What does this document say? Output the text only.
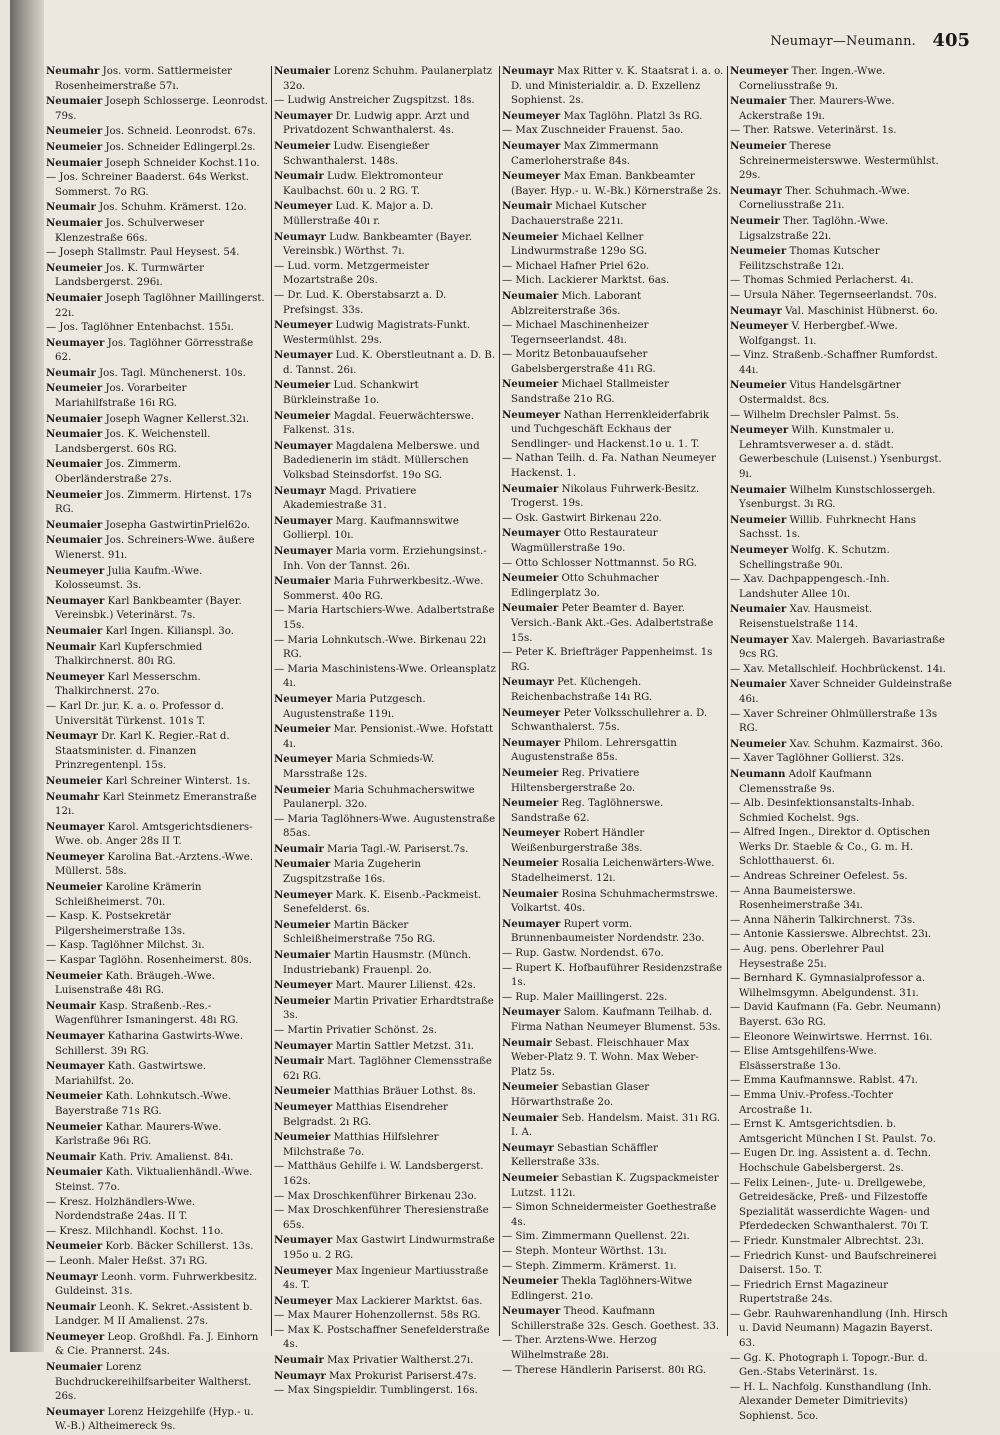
Neumayr—Neumann. 405

Neumahr Jos. vorm. Sattlermeister Rosenheimerstraße 57ı.

Neumaier Joseph Schlosserge. Leonrodst. 79s.

Neumeier Jos. Schneid. Leonrodst. 67s.

Neumeier Jos. Schneider Edlingerpl.2s.

Neumaier Joseph Schneider Kochst.11o.

— Jos. Schreiner Baaderst. 64s Werkst. Sommerst. 7o RG.

Neumair Jos. Schuhm. Krämerst. 12o.

Neumaier Jos. Schulverweser Klenzestraße 66s.

— Joseph Stallmstr. Paul Heysest. 54.

Neumeier Jos. K. Turmwärter Landsbergerst. 296ı.

Neumaier Joseph Taglöhner Maillingerst. 22ı.

— Jos. Taglöhner Entenbachst. 155ı.

Neumayer Jos. Taglöhner Görresstraße 62.

Neumair Jos. Tagl. Münchenerst. 10s.

Neumeier Jos. Vorarbeiter Mariahilfstraße 16ı RG.

Neumaier Joseph Wagner Kellerst.32ı.

Neumaier Jos. K. Weichenstell. Landsbergerst. 60s RG.

Neumaier Jos. Zimmerm. Oberländerstraße 27s.

Neumeier Jos. Zimmerm. Hirtenst. 17s RG.

Neumaier Josepha GastwirtinPriel62o.

Neumaier Jos. Schreiners-Wwe. äußere Wienerst. 91ı.

Neumeyer Julia Kaufm.-Wwe. Kolosseumst. 3s.

Neumayer Karl Bankbeamter (Bayer. Vereinsbk.) Veterinärst. 7s.

Neumaier Karl Ingen. Kilianspl. 3o.

Neumair Karl Kupferschmied Thalkirchnerst. 80ı RG.

Neumeyer Karl Messerschm. Thalkirchnerst. 27o.

— Karl Dr. jur. K. a. o. Professor d. Universität Türkenst. 101s T.

Neumayr Dr. Karl K. Regier.-Rat d. Staatsminister. d. Finanzen Prinzregentenpl. 15s.

Neumeier Karl Schreiner Winterst. 1s.

Neumahr Karl Steinmetz Emeranstraße 12ı.

Neumayer Karol. Amtsgerichtsdieners-Wwe. ob. Anger 28s II T.

Neumeyer Karolina Bat.-Arztens.-Wwe. Müllerst. 58s.

Neumeier Karoline Krämerin Schleißheimerst. 70ı.

— Kasp. K. Postsekretär Pilgersheimerstraße 13s.

— Kasp. Taglöhner Milchst. 3ı.

— Kaspar Taglöhn. Rosenheimerst. 80s.

Neumeier Kath. Bräugeh.-Wwe. Luisenstraße 48ı RG.

Neumair Kasp. Straßenb.-Res.-Wagenführer Ismaningerst. 48ı RG.

Neumayer Katharina Gastwirts-Wwe. Schillerst. 39ı RG.

Neumayer Kath. Gastwirtswe. Mariahilfst. 2o.

Neumeier Kath. Lohnkutsch.-Wwe. Bayerstraße 71s RG.

Neumeier Kathar. Maurers-Wwe. Karlstraße 96ı RG.

Neumair Kath. Priv. Amalienst. 84ı.

Neumaier Kath. Viktualienhändl.-Wwe. Steinst. 77o.

— Kresz. Holzhändlers-Wwe. Nordendstraße 24as. II T.

— Kresz. Milchhandl. Kochst. 11o.

Neumeier Korb. Bäcker Schillerst. 13s.

— Leonh. Maler Heßst. 37ı RG.

Neumayr Leonh. vorm. Fuhrwerkbesitz. Guldeinst. 31s.

Neumair Leonh. K. Sekret.-Assistent b. Landger. M II Amalienst. 27s.

Neumeyer Leop. Großhdl. Fa. J. Einhorn & Cie. Prannerst. 24s.

Neumaier Lorenz Buchdruckereihilfsarbeiter Waltherst. 26s.

Neumayer Lorenz Heizgehilfe (Hyp.- u. W.-B.) Altheimereck 9s.

Neumaier Lorenz Schuhm. Paulanerplatz 32o.

— Ludwig Anstreicher Zugspitzst. 18s.

Neumayer Dr. Ludwig appr. Arzt und Privatdozent Schwanthalerst. 4s.

Neumeier Ludw. Eisengießer Schwanthalerst. 148s.

Neumair Ludw. Elektromonteur Kaulbachst. 60ı u. 2 RG. T.

Neumeyer Lud. K. Major a. D. Müllerstraße 40ı r.

Neumayr Ludw. Bankbeamter (Bayer. Vereinsbk.) Wörthst. 7ı.

— Lud. vorm. Metzgermeister Mozartstraße 20s.

— Dr. Lud. K. Oberstabsarzt a. D. Prefsingst. 33s.

Neumeyer Ludwig Magistrats-Funkt. Westermühlst. 29s.

Neumayer Lud. K. Oberstleutnant a. D. B. d. Tannst. 26ı.

Neumeier Lud. Schankwirt Bürkleinstraße 1o.

Neumeier Magdal. Feuerwächterswe. Falkenst. 31s.

Neumayer Magdalena Melberswe. und Badedienerin im städt. Müllerschen Volksbad Steinsdorfst. 19o SG.

Neumayr Magd. Privatiere Akademiestraße 31.

Neumayer Marg. Kaufmannswitwe Gollierpl. 10ı.

Neumayer Maria vorm. Erziehungsinst.-Inh. Von der Tannst. 26ı.

Neumaier Maria Fuhrwerkbesitz.-Wwe. Sommerst. 40o RG.

— Maria Hartschiers-Wwe. Adalbertstraße 15s.

— Maria Lohnkutsch.-Wwe. Birkenau 22ı RG.

— Maria Maschinistens-Wwe. Orleansplatz 4ı.

Neumeyer Maria Putzgesch. Augustenstraße 119ı.

Neumeier Mar. Pensionist.-Wwe. Hofstatt 4ı.

Neumeyer Maria Schmieds-W. Marsstraße 12s.

Neumeier Maria Schuhmacherswitwe Paulanerpl. 32o.

— Maria Taglöhners-Wwe. Augustenstraße 85as.

Neumair Maria Tagl.-W. Pariserst.7s.

Neumaier Maria Zugeherin Zugspitzstraße 16s.

Neumeyer Mark. K. Eisenb.-Packmeist. Senefelderst. 6s.

Neumeier Martin Bäcker Schleißheimerstraße 75o RG.

Neumaier Martin Hausmstr. (Münch. Industriebank) Frauenpl. 2o.

Neumeyer Mart. Maurer Lilienst. 42s.

Neumeier Martin Privatier Erhardtstraße 3s.

— Martin Privatier Schönst. 2s.

Neumayer Martin Sattler Metzst. 31ı.

Neumair Mart. Taglöhner Clemensstraße 62ı RG.

Neumeier Matthias Bräuer Lothst. 8s.

Neumeyer Matthias Eisendreher Belgradst. 2ı RG.

Neumeier Matthias Hilfslehrer Milchstraße 7o.

— Matthäus Gehilfe i. W. Landsbergerst. 162s.

— Max Droschkenführer Birkenau 23o.

— Max Droschkenführer Theresienstraße 65s.

Neumayer Max Gastwirt Lindwurmstraße 195o u. 2 RG.

Neumeyer Max Ingenieur Martiusstraße 4s. T.

Neumeyer Max Lackierer Marktst. 6as.

— Max Maurer Hohenzollernst. 58s RG.

— Max K. Postschaffner Senefelderstraße 4s.

Neumair Max Privatier Waltherst.27ı.

Neumayr Max Prokurist Pariserst.47s.

— Max Singspieldir. Tumblingerst. 16s.

Neumayr Max Ritter v. K. Staatsrat i. a. o. D. und Ministerialdir. a. D. Exzellenz Sophienst. 2s.

Neumeyer Max Taglöhn. Platzl 3s RG.

— Max Zuschneider Frauenst. 5ao.

Neumayer Max Zimmermann Camerloherstraße 84s.

Neumeyer Max Eman. Bankbeamter (Bayer. Hyp.- u. W.-Bk.) Körnerstraße 2s.

Neumair Michael Kutscher Dachauerstraße 221ı.

Neumeier Michael Kellner Lindwurmstraße 129o SG.

— Michael Hafner Priel 62o.

— Mich. Lackierer Marktst. 6as.

Neumaier Mich. Laborant Ablzreiterstraße 36s.

— Michael Maschinenheizer Tegernseerlandst. 48ı.

— Moritz Betonbauaufseher Gabelsbergerstraße 41ı RG.

Neumeier Michael Stallmeister Sandstraße 21o RG.

Neumeyer Nathan Herrenkleiderfabrik und Tuchgeschäft Eckhaus der Sendlinger- und Hackenst.1o u. 1. T.

— Nathan Teilh. d. Fa. Nathan Neumeyer Hackenst. 1.

Neumaier Nikolaus Fuhrwerk-Besitz. Trogerst. 19s.

— Osk. Gastwirt Birkenau 22o.

Neumayer Otto Restaurateur Wagmüllerstraße 19o.

— Otto Schlosser Nottmannst. 5o RG.

Neumeier Otto Schuhmacher Edlingerplatz 3o.

Neumaier Peter Beamter d. Bayer. Versich.-Bank Akt.-Ges. Adalbertstraße 15s.

— Peter K. Briefträger Pappenheimst. 1s RG.

Neumayr Pet. Küchengeh. Reichenbachstraße 14ı RG.

Neumeyer Peter Volksschullehrer a. D. Schwanthalerst. 75s.

Neumayer Philom. Lehrersgattin Augustenstraße 85s.

Neumeier Reg. Privatiere Hiltensbergerstraße 2o.

Neumeier Reg. Taglöhnerswe. Sandstraße 62.

Neumeyer Robert Händler Weißenburgerstraße 38s.

Neumeier Rosalia Leichenwärters-Wwe. Stadelheimerst. 12ı.

Neumaier Rosina Schuhmachermstrswe. Volkartst. 40s.

Neumayer Rupert vorm. Brunnenbaumeister Nordendstr. 23o.

— Rup. Gastw. Nordendst. 67o.

— Rupert K. Hofbauführer Residenzstraße 1s.

— Rup. Maler Maillingerst. 22s.

Neumayer Salom. Kaufmann Teilhab. d. Firma Nathan Neumeyer Blumenst. 53s.

Neumair Sebast. Fleischhauer Max Weber-Platz 9. T. Wohn. Max Weber-Platz 5s.

Neumeier Sebastian Glaser Hörwarthstraße 2o.

Neumaier Seb. Handelsm. Maist. 31ı RG. I. A.

Neumayr Sebastian Schäffler Kellerstraße 33s.

Neumeier Sebastian K. Zugspackmeister Lutzst. 112ı.

— Simon Schneidermeister Goethestraße 4s.

— Sim. Zimmermann Quellenst. 22ı.

— Steph. Monteur Wörthst. 13ı.

— Steph. Zimmerm. Krämerst. 1ı.

Neumeier Thekla Taglöhners-Witwe Edlingerst. 21o.

Neumayer Theod. Kaufmann Schillerstraße 32s. Gesch. Goethest. 33.

— Ther. Arztens-Wwe. Herzog Wilhelmstraße 28ı.

— Therese Händlerin Pariserst. 80ı RG.

Neumeyer Ther. Ingen.-Wwe. Corneliusstraße 9ı.

Neumaier Ther. Maurers-Wwe. Ackerstraße 19ı.

— Ther. Ratswe. Veterinärst. 1s.

Neumeier Therese Schreinermeisterswwe. Westermühlst. 29s.

Neumayr Ther. Schuhmach.-Wwe. Corneliusstraße 21ı.

Neumeir Ther. Taglöhn.-Wwe. Ligsalzstraße 22ı.

Neumeier Thomas Kutscher Feilitzschstraße 12ı.

— Thomas Schmied Perlacherst. 4ı.

— Ursula Näher. Tegernseerlandst. 70s.

Neumayr Val. Maschinist Hübnerst. 6o.

Neumeyer V. Herbergbef.-Wwe. Wolfgangst. 1ı.

— Vinz. Straßenb.-Schaffner Rumfordst. 44ı.

Neumeier Vitus Handelsgärtner Ostermaldst. 8cs.

— Wilhelm Drechsler Palmst. 5s.

Neumeyer Wilh. Kunstmaler u. Lehramtsverweser a. d. städt. Gewerbeschule (Luisenst.) Ysenburgst. 9ı.

Neumaier Wilhelm Kunstschlossergeh. Ysenburgst. 3ı RG.

Neumeier Willib. Fuhrknecht Hans Sachsst. 1s.

Neumeyer Wolfg. K. Schutzm. Schellingstraße 90ı.

— Xav. Dachpappengesch.-Inh. Landshuter Allee 10ı.

Neumaier Xav. Hausmeist. Reisenstuelstraße 114.

Neumayer Xav. Malergeh. Bavariastraße 9cs RG.

— Xav. Metallschleif. Hochbrückenst. 14ı.

Neumaier Xaver Schneider Guldeinstraße 46ı.

— Xaver Schreiner Ohlmüllerstraße 13s RG.

Neumeier Xav. Schuhm. Kazmairst. 36o.

— Xaver Taglöhner Gollierst. 32s.

Neumann Adolf Kaufmann Clemensstraße 9s.

— Alb. Desinfektionsanstalts-Inhab. Schmied Kochelst. 9gs.

— Alfred Ingen., Direktor d. Optischen Werks Dr. Staeble & Co., G. m. H. Schlotthauerst. 6ı.

— Andreas Schreiner Oefelest. 5s.

— Anna Baumeisterswe. Rosenheimerstraße 34ı.

— Anna Näherin Talkirchnerst. 73s.

— Antonie Kassierswe. Albrechtst. 23ı.

— Aug. pens. Oberlehrer Paul Heysestraße 25ı.

— Bernhard K. Gymnasialprofessor a. Wilhelmsgymn. Abelgundenst. 31ı.

— David Kaufmann (Fa. Gebr. Neumann) Bayerst. 63o RG.

— Eleonore Weinwirtswe. Herrnst. 16ı.

— Elise Amtsgehilfens-Wwe. Elsässerstraße 13o.

— Emma Kaufmannswe. Rablst. 47ı.

— Emma Univ.-Profess.-Tochter Arcostraße 1ı.

— Ernst K. Amtsgerichtsdien. b. Amtsgericht München I St. Paulst. 7o.

— Eugen Dr. ing. Assistent a. d. Techn. Hochschule Gabelsbergerst. 2s.

— Felix Leinen-, Jute- u. Drellgewebe, Getreidesäcke, Preß- und Filzestoffe Spezialität wasserdichte Wagen- und Pferdedecken Schwanthalerst. 70ı T.

— Friedr. Kunstmaler Albrechtst. 23ı.

— Friedrich Kunst- und Baufschreinerei Daiserst. 15o. T.

— Friedrich Ernst Magazineur Rupertstraße 24s.

— Gebr. Rauhwarenhandlung (Inh. Hirsch u. David Neumann) Magazin Bayerst. 63.

— Gg. K. Photograph i. Topogr.-Bur. d. Gen.-Stabs Veterinärst. 1s.

— H. L. Nachfolg. Kunsthandlung (Inh. Alexander Demeter Dimitrievits) Sophienst. 5co.
